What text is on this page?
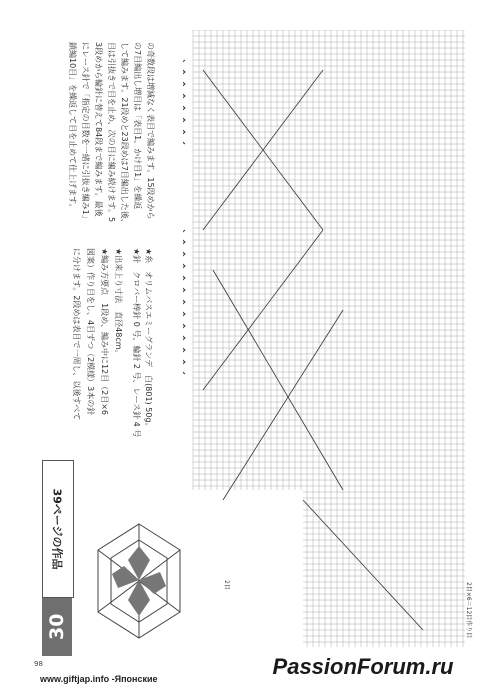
30
39ページの作品
★糸　オリムパスエミーグランデ　白(801) 50g。
★針　クロバー棒針 0 号、輪針 2 号、レース針 4 号
★出来上り寸法　直径48cm。
★編み方要点　1段め、編み中に12目（2目×6
図案）作り目をし、4目ずつ（2模様）3本の針
に分けます。2段めは表目で一周し、以後すべて
の奇数段は増減なく表目で編みます。15段めから
の7目編出し増目は「表目1、かけ目1」を繰返
して編みます。21段めと23段めは7目編出した後、
目は引抜きで目を止め、次の目に編み続けます。5
3段めから輪針に替えて84段まで編みます。最後
にレース針で「指定の目数を一緒に引抜き編み1」
鎖編10目」を繰返して目を止めて仕上げます。
2目×6＝12目作り目
2目
98
www.giftjap.info -Японские	PassionForum.ru
